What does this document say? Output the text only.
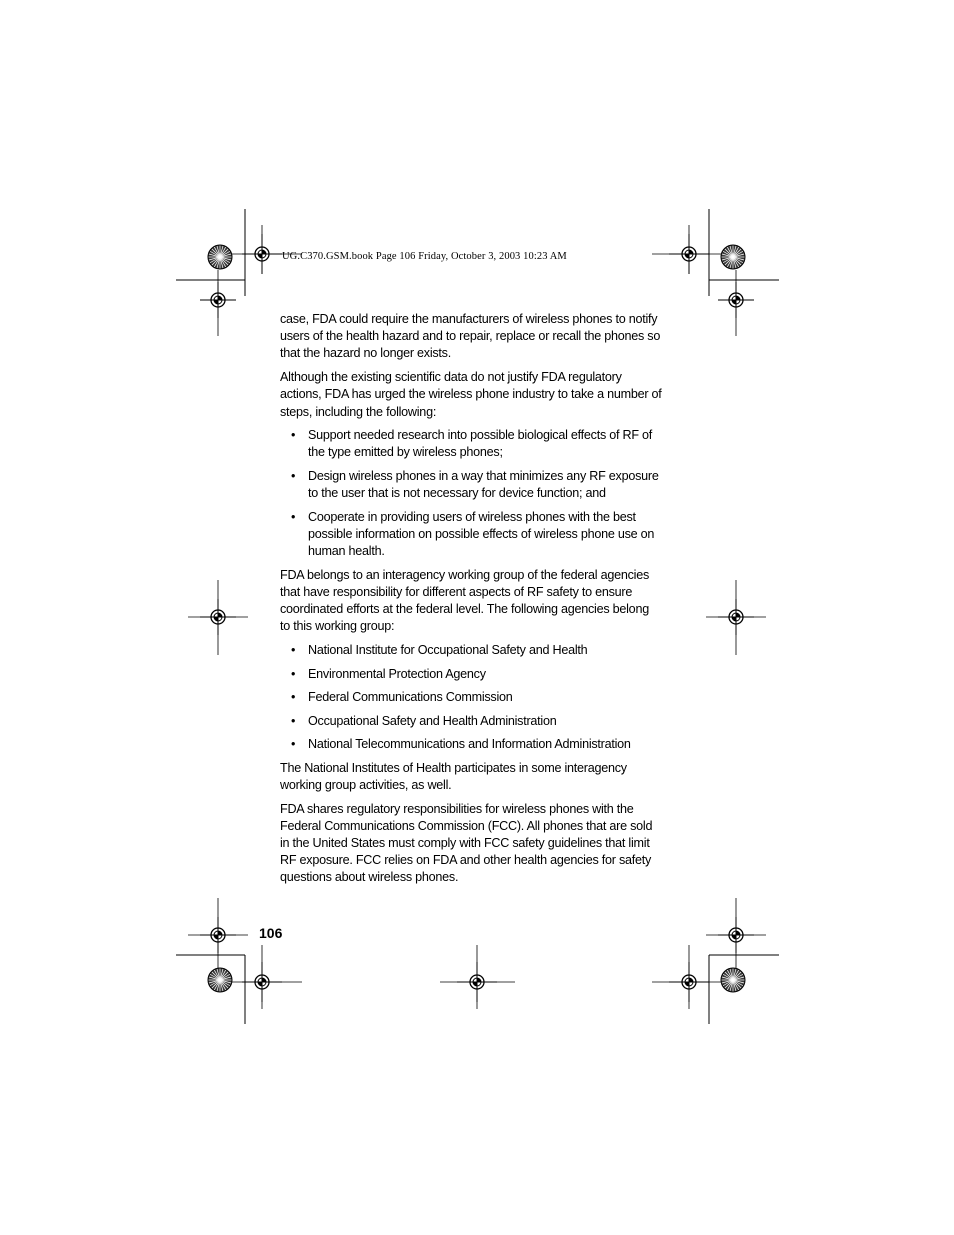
UG.C370.GSM.book Page 106 Friday, October 3, 2003 10:23 AM

case, FDA could require the manufacturers of wireless phones to notify users of the health hazard and to repair, replace or recall the phones so that the hazard no longer exists.

Although the existing scientific data do not justify FDA regulatory actions, FDA has urged the wireless phone industry to take a number of steps, including the following:

• Support needed research into possible biological effects of RF of the type emitted by wireless phones;
• Design wireless phones in a way that minimizes any RF exposure to the user that is not necessary for device function; and
• Cooperate in providing users of wireless phones with the best possible information on possible effects of wireless phone use on human health.

FDA belongs to an interagency working group of the federal agencies that have responsibility for different aspects of RF safety to ensure coordinated efforts at the federal level. The following agencies belong to this working group:

• National Institute for Occupational Safety and Health
• Environmental Protection Agency
• Federal Communications Commission
• Occupational Safety and Health Administration
• National Telecommunications and Information Administration

The National Institutes of Health participates in some interagency working group activities, as well.

FDA shares regulatory responsibilities for wireless phones with the Federal Communications Commission (FCC). All phones that are sold in the United States must comply with FCC safety guidelines that limit RF exposure. FCC relies on FDA and other health agencies for safety questions about wireless phones.

106
